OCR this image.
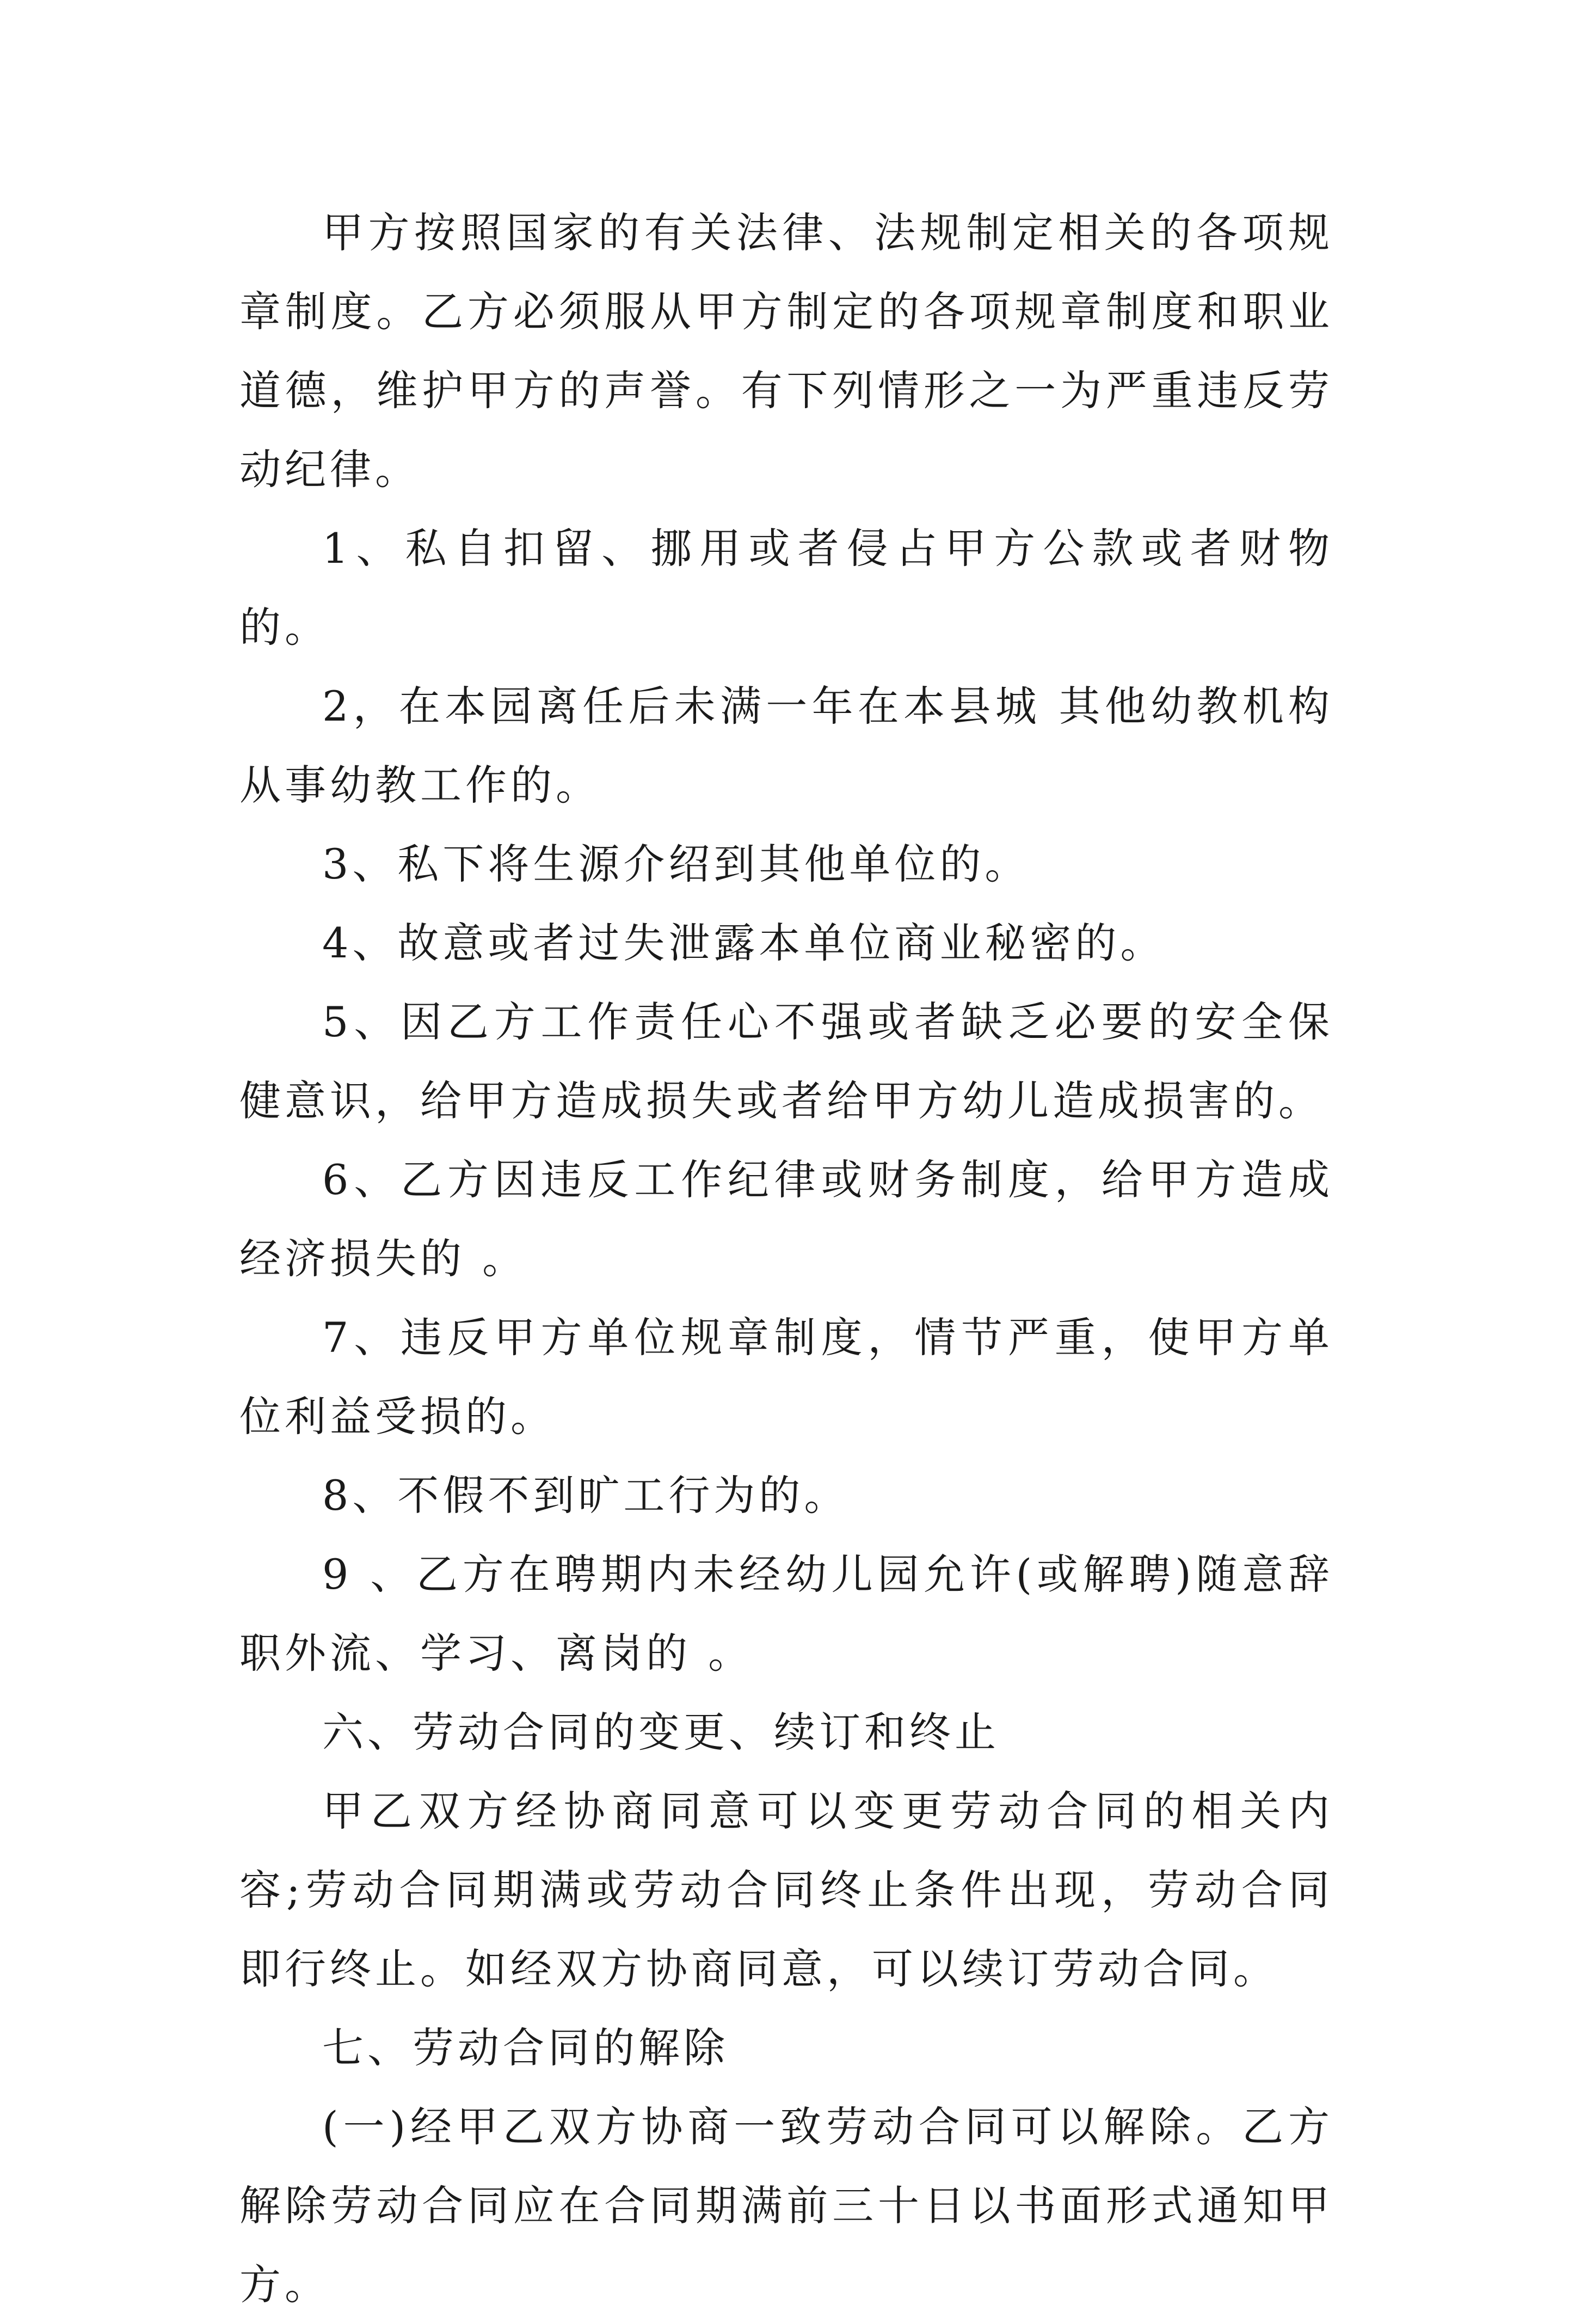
甲方按照国家的有关法律、法规制定相关的各项规章制度。乙方必须服从甲方制定的各项规章制度和职业道德，维护甲方的声誉。有下列情形之一为严重违反劳动纪律。

1、私自扣留、挪用或者侵占甲方公款或者财物的。

2，在本园离任后未满一年在本县城 其他幼教机构从事幼教工作的。

3、私下将生源介绍到其他单位的。

4、故意或者过失泄露本单位商业秘密的。

5、因乙方工作责任心不强或者缺乏必要的安全保健意识，给甲方造成损失或者给甲方幼儿造成损害的。

6、乙方因违反工作纪律或财务制度，给甲方造成经济损失的 。

7、违反甲方单位规章制度，情节严重，使甲方单位利益受损的。

8、不假不到旷工行为的。

9 、乙方在聘期内未经幼儿园允许(或解聘)随意辞职外流、学习、离岗的 。

六、劳动合同的变更、续订和终止

甲乙双方经协商同意可以变更劳动合同的相关内容;劳动合同期满或劳动合同终止条件出现，劳动合同即行终止。如经双方协商同意，可以续订劳动合同。

七、劳动合同的解除

(一)经甲乙双方协商一致劳动合同可以解除。乙方解除劳动合同应在合同期满前三十日以书面形式通知甲方。
